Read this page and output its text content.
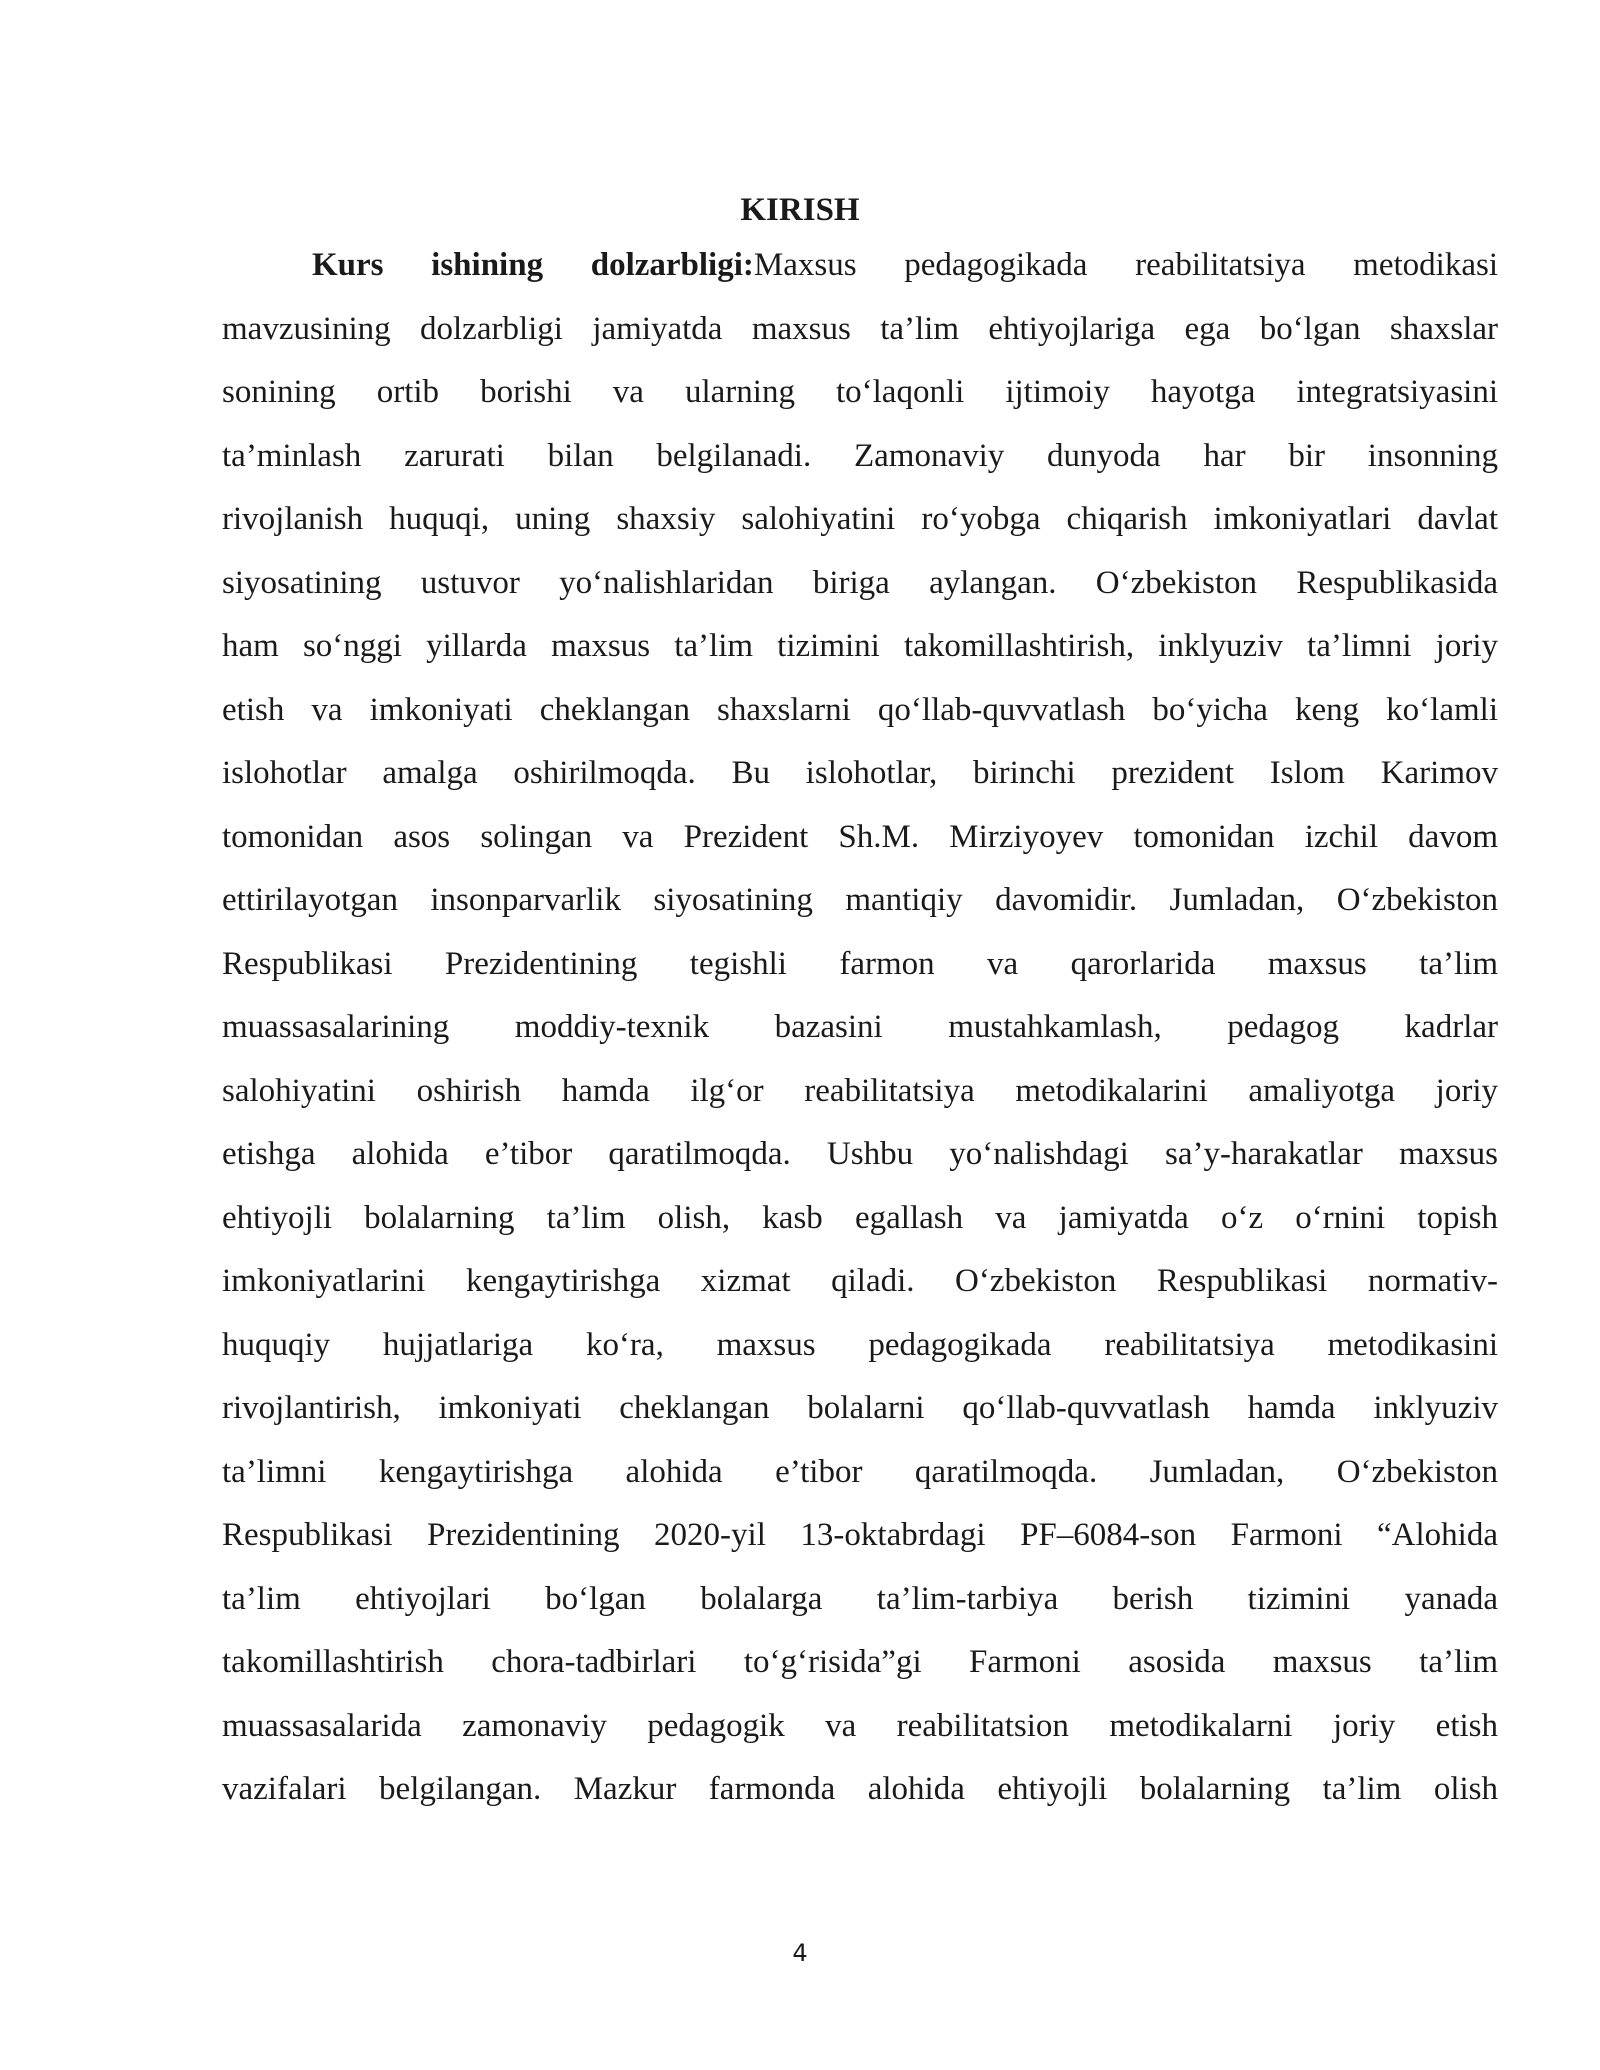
KIRISH
Kurs ishining dolzarbligi:Maxsus pedagogikada reabilitatsiya metodikasi
mavzusining dolzarbligi jamiyatda maxsus ta’lim ehtiyojlariga ega bo‘lgan shaxslar
sonining ortib borishi va ularning to‘laqonli ijtimoiy hayotga integratsiyasini
ta’minlash zarurati bilan belgilanadi. Zamonaviy dunyoda har bir insonning
rivojlanish huquqi, uning shaxsiy salohiyatini ro‘yobga chiqarish imkoniyatlari davlat
siyosatining ustuvor yo‘nalishlaridan biriga aylangan. O‘zbekiston Respublikasida
ham so‘nggi yillarda maxsus ta’lim tizimini takomillashtirish, inklyuziv ta’limni joriy
etish va imkoniyati cheklangan shaxslarni qo‘llab-quvvatlash bo‘yicha keng ko‘lamli
islohotlar amalga oshirilmoqda. Bu islohotlar, birinchi prezident Islom Karimov
tomonidan asos solingan va Prezident Sh.M. Mirziyoyev tomonidan izchil davom
ettirilayotgan insonparvarlik siyosatining mantiqiy davomidir. Jumladan, O‘zbekiston
Respublikasi Prezidentining tegishli farmon va qarorlarida maxsus ta’lim
muassasalarining moddiy-texnik bazasini mustahkamlash, pedagog kadrlar
salohiyatini oshirish hamda ilg‘or reabilitatsiya metodikalarini amaliyotga joriy
etishga alohida e’tibor qaratilmoqda. Ushbu yo‘nalishdagi sa’y-harakatlar maxsus
ehtiyojli bolalarning ta’lim olish, kasb egallash va jamiyatda o‘z o‘rnini topish
imkoniyatlarini kengaytirishga xizmat qiladi. O‘zbekiston Respublikasi normativ-
huquqiy hujjatlariga ko‘ra, maxsus pedagogikada reabilitatsiya metodikasini
rivojlantirish, imkoniyati cheklangan bolalarni qo‘llab-quvvatlash hamda inklyuziv
ta’limni kengaytirishga alohida e’tibor qaratilmoqda. Jumladan, O‘zbekiston
Respublikasi Prezidentining 2020-yil 13-oktabrdagi PF–6084-son Farmoni “Alohida
ta’lim ehtiyojlari bo‘lgan bolalarga ta’lim-tarbiya berish tizimini yanada
takomillashtirish chora-tadbirlari to‘g‘risida”gi Farmoni asosida maxsus ta’lim
muassasalarida zamonaviy pedagogik va reabilitatsion metodikalarni joriy etish
vazifalari belgilangan. Mazkur farmonda alohida ehtiyojli bolalarning ta’lim olish
4
